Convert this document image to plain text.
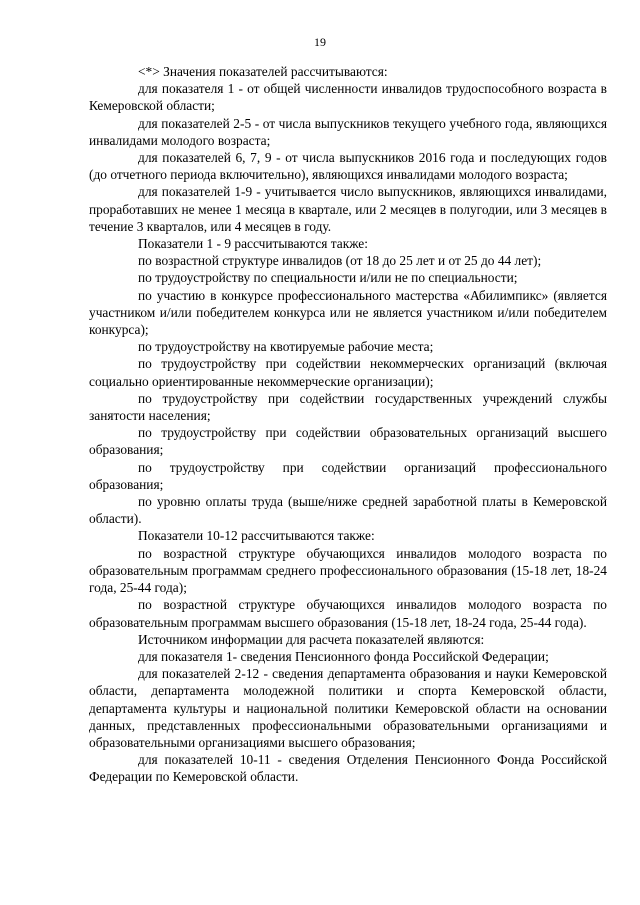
19

<*> Значения показателей рассчитываются:

для показателя 1 - от общей численности инвалидов трудоспособного возраста в Кемеровской области;

для показателей 2-5 - от числа выпускников текущего учебного года, являющихся инвалидами молодого возраста;

для показателей 6, 7, 9 - от числа выпускников 2016 года и последующих годов (до отчетного периода включительно), являющихся инвалидами молодого возраста;

для показателей 1-9 - учитывается число выпускников, являющихся инвалидами, проработавших не менее 1 месяца в квартале, или 2 месяцев в полугодии, или 3 месяцев в течение 3 кварталов, или 4 месяцев в году.

Показатели 1 - 9 рассчитываются также:

по возрастной структуре инвалидов (от 18 до 25 лет и от 25 до 44 лет);

по трудоустройству по специальности и/или не по специальности;

по участию в конкурсе профессионального мастерства «Абилимпикс» (является участником и/или победителем конкурса или не является участником и/или победителем конкурса);

по трудоустройству на квотируемые рабочие места;

по трудоустройству при содействии некоммерческих организаций (включая социально ориентированные некоммерческие организации);

по трудоустройству при содействии государственных учреждений службы занятости населения;

по трудоустройству при содействии образовательных организаций высшего образования;

по трудоустройству при содействии организаций профессионального образования;

по уровню оплаты труда (выше/ниже средней заработной платы в Кемеровской области).

Показатели 10-12 рассчитываются также:

по возрастной структуре обучающихся инвалидов молодого возраста по образовательным программам среднего профессионального образования (15-18 лет, 18-24 года, 25-44 года);

по возрастной структуре обучающихся инвалидов молодого возраста по образовательным программам высшего образования (15-18 лет, 18-24 года, 25-44 года).

Источником информации для расчета показателей являются:

для показателя 1- сведения Пенсионного фонда Российской Федерации;

для показателей 2-12 - сведения департамента образования и науки Кемеровской области, департамента молодежной политики и спорта Кемеровской области, департамента культуры и национальной политики Кемеровской области на основании данных, представленных профессиональными образовательными организациями и образовательными организациями высшего образования;

для показателей 10-11 - сведения Отделения Пенсионного Фонда Российской Федерации по Кемеровской области.
